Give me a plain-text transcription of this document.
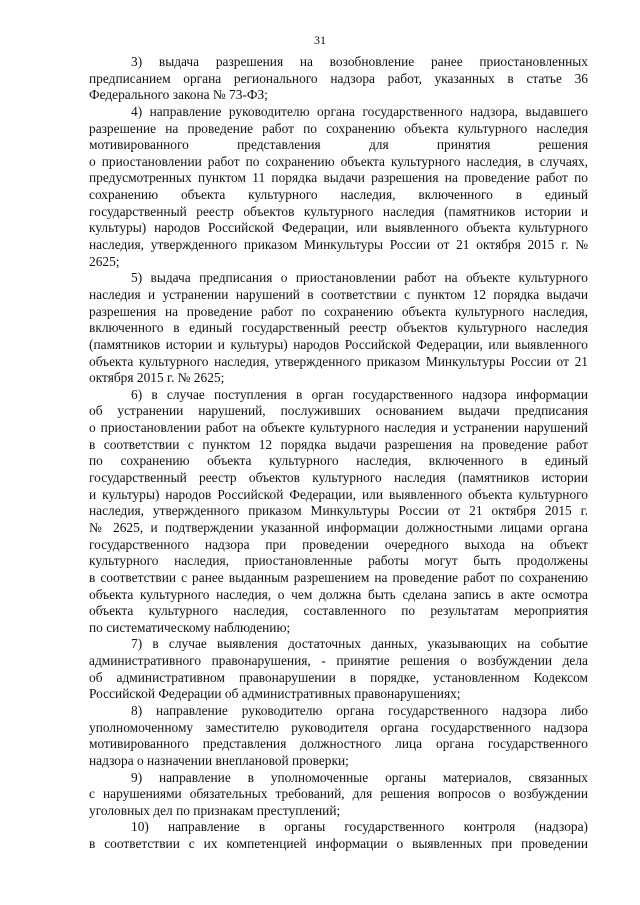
31
3) выдача разрешения на возобновление ранее приостановленных
предписанием органа регионального надзора работ, указанных в статье 36
Федерального закона № 73-ФЗ;
4) направление руководителю органа государственного надзора, выдавшего
разрешение на проведение работ по сохранению объекта культурного наследия
мотивированного представления для принятия решения
о приостановлении работ по сохранению объекта культурного наследия, в случаях,
предусмотренных пунктом 11 порядка выдачи разрешения на проведение работ по
сохранению объекта культурного наследия, включенного в единый
государственный реестр объектов культурного наследия (памятников истории и
культуры) народов Российской Федерации, или выявленного объекта культурного
наследия, утвержденного приказом Минкультуры России от 21 октября 2015 г. №
2625;
5) выдача предписания о приостановлении работ на объекте культурного
наследия и устранении нарушений в соответствии с пунктом 12 порядка выдачи
разрешения на проведение работ по сохранению объекта культурного наследия,
включенного в единый государственный реестр объектов культурного наследия
(памятников истории и культуры) народов Российской Федерации, или выявленного
объекта культурного наследия, утвержденного приказом Минкультуры России от 21
октября 2015 г. № 2625;
6) в случае поступления в орган государственного надзора информации
об устранении нарушений, послуживших основанием выдачи предписания
о приостановлении работ на объекте культурного наследия и устранении нарушений
в соответствии с пунктом 12 порядка выдачи разрешения на проведение работ
по сохранению объекта культурного наследия, включенного в единый
государственный реестр объектов культурного наследия (памятников истории
и культуры) народов Российской Федерации, или выявленного объекта культурного
наследия, утвержденного приказом Минкультуры России от 21 октября 2015 г.
№ 2625, и подтверждении указанной информации должностными лицами органа
государственного надзора при проведении очередного выхода на объект
культурного наследия, приостановленные работы могут быть продолжены
в соответствии с ранее выданным разрешением на проведение работ по сохранению
объекта культурного наследия, о чем должна быть сделана запись в акте осмотра
объекта культурного наследия, составленного по результатам мероприятия
по систематическому наблюдению;
7) в случае выявления достаточных данных, указывающих на событие
административного правонарушения, - принятие решения о возбуждении дела
об административном правонарушении в порядке, установленном Кодексом
Российской Федерации об административных правонарушениях;
8) направление руководителю органа государственного надзора либо
уполномоченному заместителю руководителя органа государственного надзора
мотивированного представления должностного лица органа государственного
надзора о назначении внеплановой проверки;
9) направление в уполномоченные органы материалов, связанных
с нарушениями обязательных требований, для решения вопросов о возбуждении
уголовных дел по признакам преступлений;
10) направление в органы государственного контроля (надзора)
в соответствии с их компетенцией информации о выявленных при проведении
